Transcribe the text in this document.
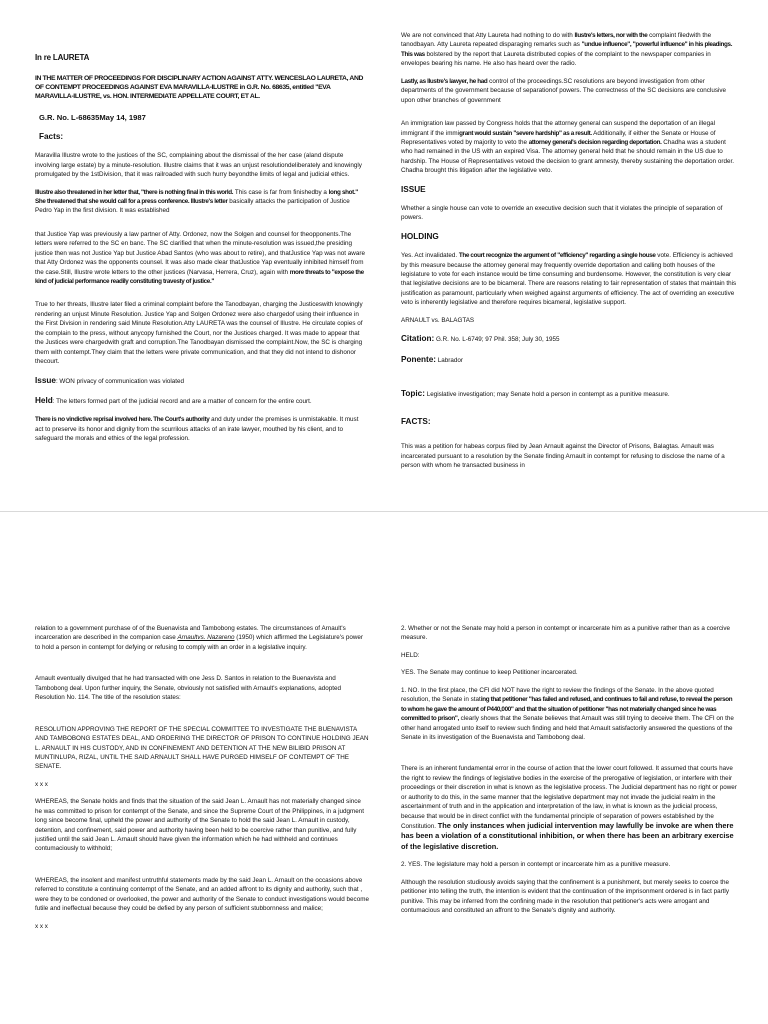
In re LAURETA
IN THE MATTER OF PROCEEDINGS FOR DISCIPLINARY ACTION AGAINST ATTY. WENCESLAO LAURETA, AND OF CONTEMPT PROCEEDINGS AGAINST EVA MARAVILLA-ILUSTRE in G.R. No. 68635, entitled "EVA MARAVILLA-ILUSTRE, vs. HON. INTERMEDIATE APPELLATE COURT, ET AL.
G.R. No. L-68635May 14, 1987
Facts:

Maravilla Illustre wrote to the justices of the SC, complaining about the dismissal of the her case (aland dispute involving large estate) by a minute-resolution. Illustre claims that it was an unjust resolutiondeliberately and knowingly promulgated by the 1stDivision, that it was railroaded with such hurry beyondthe limits of legal and judicial ethics.

Illustre also threatened in her letter that, "there is nothing final in this world. This case is far from finishedby a long shot." She threatened that she would call for a press conference. Illustre's letter basically attacks the participation of Justice Pedro Yap in the first division. It was established

that Justice Yap was previously a law partner of Atty. Ordonez, now the Solgen and counsel for theopponents.The letters were referred to the SC en banc. The SC clarified that when the minute-resolution was issued,the presiding justice then was not Justice Yap but Justice Abad Santos (who was about to retire), and thatJustice Yap was not aware that Atty Ordonez was the opponents counsel. It was also made clear thatJustice Yap eventually inhibited himself from the case.Still, Illustre wrote letters to the other justices (Narvasa, Herrera, Cruz), again with more threats to "expose the kind of judicial performance readily constituting travesty of justice."

True to her threats, Illustre later filed a criminal complaint before the Tanodbayan, charging the Justiceswith knowingly rendering an unjust Minute Resolution. Justice Yap and Solgen Ordonez were also chargedof using their influence in the First Division in rendering said Minute Resolution.Atty LAURETA was the counsel of Illustre. He circulate copies of the complain to the press, without anycopy furnished the Court, nor the Justices charged. It was made to appear that the Justices were chargedwith graft and corruption.The Tanodbayan dismissed the complaint.Now, the SC is charging them with contempt.They claim that the letters were private communication, and that they did not intend to dishonor thecourt.

Issue: WON privacy of communication was violated

Held: The letters formed part of the judicial record and are a matter of concern for the entire court.

There is no vindictive reprisal involved here. The Court's authority and duty under the premises is unmistakable. It must act to preserve its honor and dignity from the scurrilous attacks of an irate lawyer, mouthed by his client, and to safeguard the morals and ethics of the legal profession.

We are not convinced that Atty Laureta had nothing to do with Ilustre's letters, nor with the complaint filedwith the tanodbayan. Atty Laureta repeated disparaging remarks such as "undue influence", "powerful influence" in his pleadings. This was bolstered by the report that Laureta distributed copies of the complaint to the newspaper companies in envelopes bearing his name. He also has heard over the radio.

Lastly, as Ilustre's lawyer, he had control of the proceedings.SC resolutions are beyond investigation from other departments of the government because of separationof powers. The correctness of the SC decisions are conclusive upon other branches of government

An immigration law passed by Congress holds that the attorney general can suspend the deportation of an illegal immigrant if the immigrant would sustain "severe hardship" as a result. Additionally, if either the Senate or House of Representatives voted by majority to veto the attorney general's decision regarding deportation. Chadha was a student who had remained in the US with an expired Visa. The attorney general held that he should remain in the US due to hardship. The House of Representatives vetoed the decision to grant amnesty, thereby sustaining the deportation order. Chadha brought this litigation after the legislative veto.

ISSUE

Whether a single house can vote to override an executive decision such that it violates the principle of separation of powers.

HOLDING

Yes. Act invalidated. The court recognize the argument of "efficiency" regarding a single house vote. Efficiency is achieved by this measure because the attorney general may frequently override deportation and calling both houses of the legislature to vote for each instance would be time consuming and burdensome. However, the constitution is very clear that legislative decisions are to be bicameral. There are reasons relating to fair representation of states that maintain this justification as paramount, particularly when weighed against arguments of efficiency. The act of overriding an executive veto is inherently legislative and therefore requires bicameral, legislative support.

ARNAULT vs. BALAGTAS

Citation: G.R. No. L-6749; 97 Phil. 358; July 30, 1955

Ponente: Labrador

Topic: Legislative investigation; may Senate hold a person in contempt as a punitive measure.

FACTS:

This was a petition for habeas corpus filed by Jean Arnault against the Director of Prisons, Balagtas. Arnault was incarcerated pursuant to a resolution by the Senate finding Arnault in contempt for refusing to disclose the name of a person with whom he transacted business in

relation to a government purchase of of the Buenavista and Tambobong estates. The circumstances of Arnault's incarceration are described in the companion case Arnaultvs. Nazareno (1950) which affirmed the Legislature's power to hold a person in contempt for defying or refusing to comply with an order in a legislative inquiry.

Arnault eventually divulged that he had transacted with one Jess D. Santos in relation to the Buenavista and Tambobong deal. Upon further inquiry, the Senate, obviously not satisfied with Arnault's explanations, adopted Resolution No. 114. The title of the resolution states:

RESOLUTION APPROVING THE REPORT OF THE SPECIAL COMMITTEE TO INVESTIGATE THE BUENAVISTA AND TAMBOBONG ESTATES DEAL, AND ORDERING THE DIRECTOR OF PRISON TO CONTINUE HOLDING JEAN L. ARNAULT IN HIS CUSTODY, AND IN CONFINEMENT AND DETENTION AT THE NEW BILIBID PRISON AT MUNTINLUPA, RIZAL, UNTIL THE SAID ARNAULT SHALL HAVE PURGED HIMSELF OF CONTEMPT OF THE SENATE.

x x x

WHEREAS, the Senate holds and finds that the situation of the said Jean L. Arnault has not materially changed since he was committed to prison for contempt of the Senate, and since the Supreme Court of the Philippines, in a judgment long since become final, upheld the power and authority of the Senate to hold the said Jean L. Arnault in custody, detention, and confinement, said power and authority having been held to be coercive rather than punitive, and fully justified until the said Jean L. Arnault should have given the information which he had withheld and continues contumaciously to withhold;

WHEREAS, the insolent and manifest untruthful statements made by the said Jean L. Arnault on the occasions above referred to constitute a continuing contempt of the Senate, and an added affront to its dignity and authority, such that , were they to be condoned or overlooked, the power and authority of the Senate to conduct investigations would become futile and ineffectual because they could be defied by any person of sufficient stubbornness and malice;

x x x

2. Whether or not the Senate may hold a person in contempt or incarcerate him as a punitive rather than as a coercive measure.

HELD:

YES. The Senate may continue to keep Petitioner incarcerated.

1. NO. In the first place, the CFI did NOT have the right to review the findings of the Senate. In the above quoted resolution, the Senate in stating that petitioner "has failed and refused, and continues to fail and refuse, to reveal the person to whom he gave the amount of P440,000" and that the situation of petitioner "has not materially changed since he was committed to prison", clearly shows that the Senate believes that Arnault was still trying to deceive them. The CFI on the other hand arrogated unto itself to review such finding and held that Arnault satisfactorily answered the questions of the Senate in its investigation of the Buenavista and Tambobong deal.

There is an inherent fundamental error in the course of action that the lower court followed. It assumed that courts have the right to review the findings of legislative bodies in the exercise of the prerogative of legislation, or interfere with their proceedings or their discretion in what is known as the legislative process. The Judicial department has no right or power or authority to do this, in the same manner that the legislative department may not invade the judicial realm in the ascertainment of truth and in the application and interpretation of the law, in what is known as the judicial process, because that would be in direct conflict with the fundamental principle of separation of powers established by the Constitution. The only instances when judicial intervention may lawfully be invoke are when there has been a violation of a constitutional inhibition, or when there has been an arbitrary exercise of the legislative discretion.

2. YES. The legislature may hold a person in contempt or incarcerate him as a punitive measure.

Although the resolution studiously avoids saying that the confinement is a punishment, but merely seeks to coerce the petitioner into telling the truth, the intention is evident that the continuation of the imprisonment ordered is in fact partly punitive. This may be inferred from the confining made in the resolution that petitioner's acts were arrogant and contumacious and constituted an affront to the Senate's dignity and authority.
